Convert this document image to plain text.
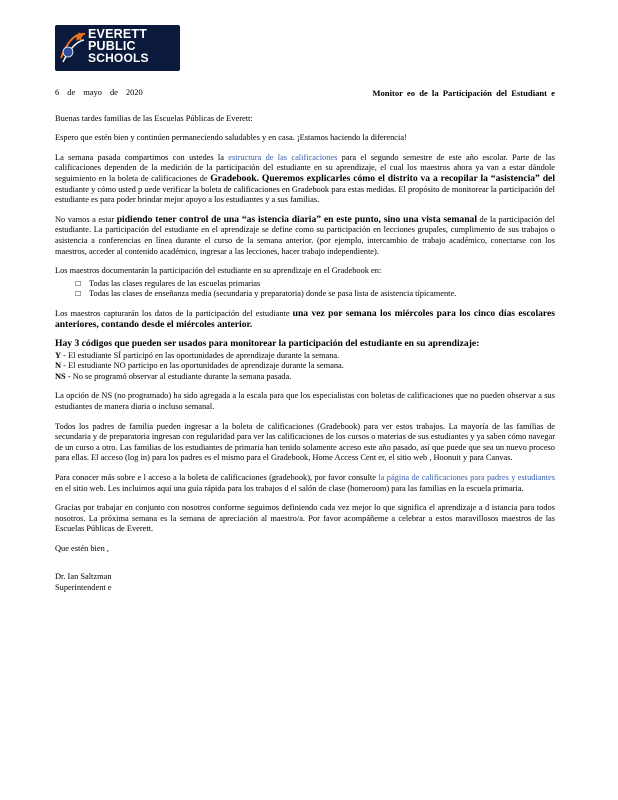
EVERETT
PUBLIC
SCHOOLS
6 de mayo de 2020	Monitor eo de la Participación del Estudiant e

Buenas tardes familias de las Escuelas Públicas de Everett:

Espero que estén bien y continúen permaneciendo saludables y en casa. ¡Estamos haciendo la diferencia!

La semana pasada compartimos con ustedes la estructura de las calificaciones para el segundo semestre de este año escolar. Parte de las calificaciones dependen de la medición de la participación del estudiante en su aprendizaje, el cual los maestros ahora ya van a estar dándole seguimiento en la boleta de calificaciones de Gradebook. Queremos explicarles cómo el distrito va a recopilar la “asistencia” del estudiante y cómo usted p uede verificar la boleta de calificaciones en Gradebook para estas medidas. El propósito de monitorear la participación del estudiante es para poder brindar mejor apoyo a los estudiantes y a sus familias.

No vamos a estar pidiendo tener control de una “as istencia diaria” en este punto, sino una vista semanal de la participación del estudiante. La participación del estudiante en el aprendizaje se define como su participación en lecciones grupales, cumplimento de sus trabajos o asistencia a conferencias en línea durante el curso de la semana anterior. (por ejemplo, intercambio de trabajo académico, conectarse con los maestros, acceder al contenido académico, ingresar a las lecciones, hacer trabajo independiente).

Los maestros documentarán la participación del estudiante en su aprendizaje en el Gradebook en:

☐ Todas las clases regulares de las escuelas primarias
☐ Todas las clases de enseñanza media (secundaria y preparatoria) donde se pasa lista de asistencia típicamente.

Los maestros capturarán los datos de la participación del estudiante una vez por semana los miércoles para los cinco días escolares anteriores, contando desde el miércoles anterior.

Hay 3 códigos que pueden ser usados para monitorear la participación del estudiante en su aprendizaje:

Y - El estudiante SÍ participó en las oportunidades de aprendizaje durante la semana.
N - El estudiante NO participo en las oportunidades de aprendizaje durante la semana.
NS - No se programó observar al estudiante durante la semana pasada.

La opción de NS (no programado) ha sido agregada a la escala para que los especialistas con boletas de calificaciones que no pueden observar a sus estudiantes de manera diaria o incluso semanal.

Todos los padres de familia pueden ingresar a la boleta de calificaciones (Gradebook) para ver estos trabajos. La mayoría de las familias de secundaria y de preparatoria ingresan con regularidad para ver las calificaciones de los cursos o materias de sus estudiantes y ya saben cómo navegar de un curso a otro. Las familias de los estudiantes de primaria han tenido solamente acceso este año pasado, así que puede que sea un nuevo proceso para ellas. El acceso (log in) para los padres es el mismo para el Gradebook, Home Access Cent er, el sitio web , Hoonuit y para Canvas.

Para conocer más sobre e l acceso a la boleta de calificaciones (gradebook), por favor consulte la página de calificaciones para padres y estudiantes en el sitio web. Les incluimos aquí una guía rápida para los trabajos d el salón de clase (homeroom) para las familias en la escuela primaria.

Gracias por trabajar en conjunto con nosotros conforme seguimos definiendo cada vez mejor lo que significa el aprendizaje a d istancia para todos nosotros. La próxima semana es la semana de apreciación al maestro/a. Por favor acompáñeme a celebrar a estos maravillosos maestros de las Escuelas Públicas de Everett.

Que estén bien ,

Dr. Ian Saltzman
Superintendent e
